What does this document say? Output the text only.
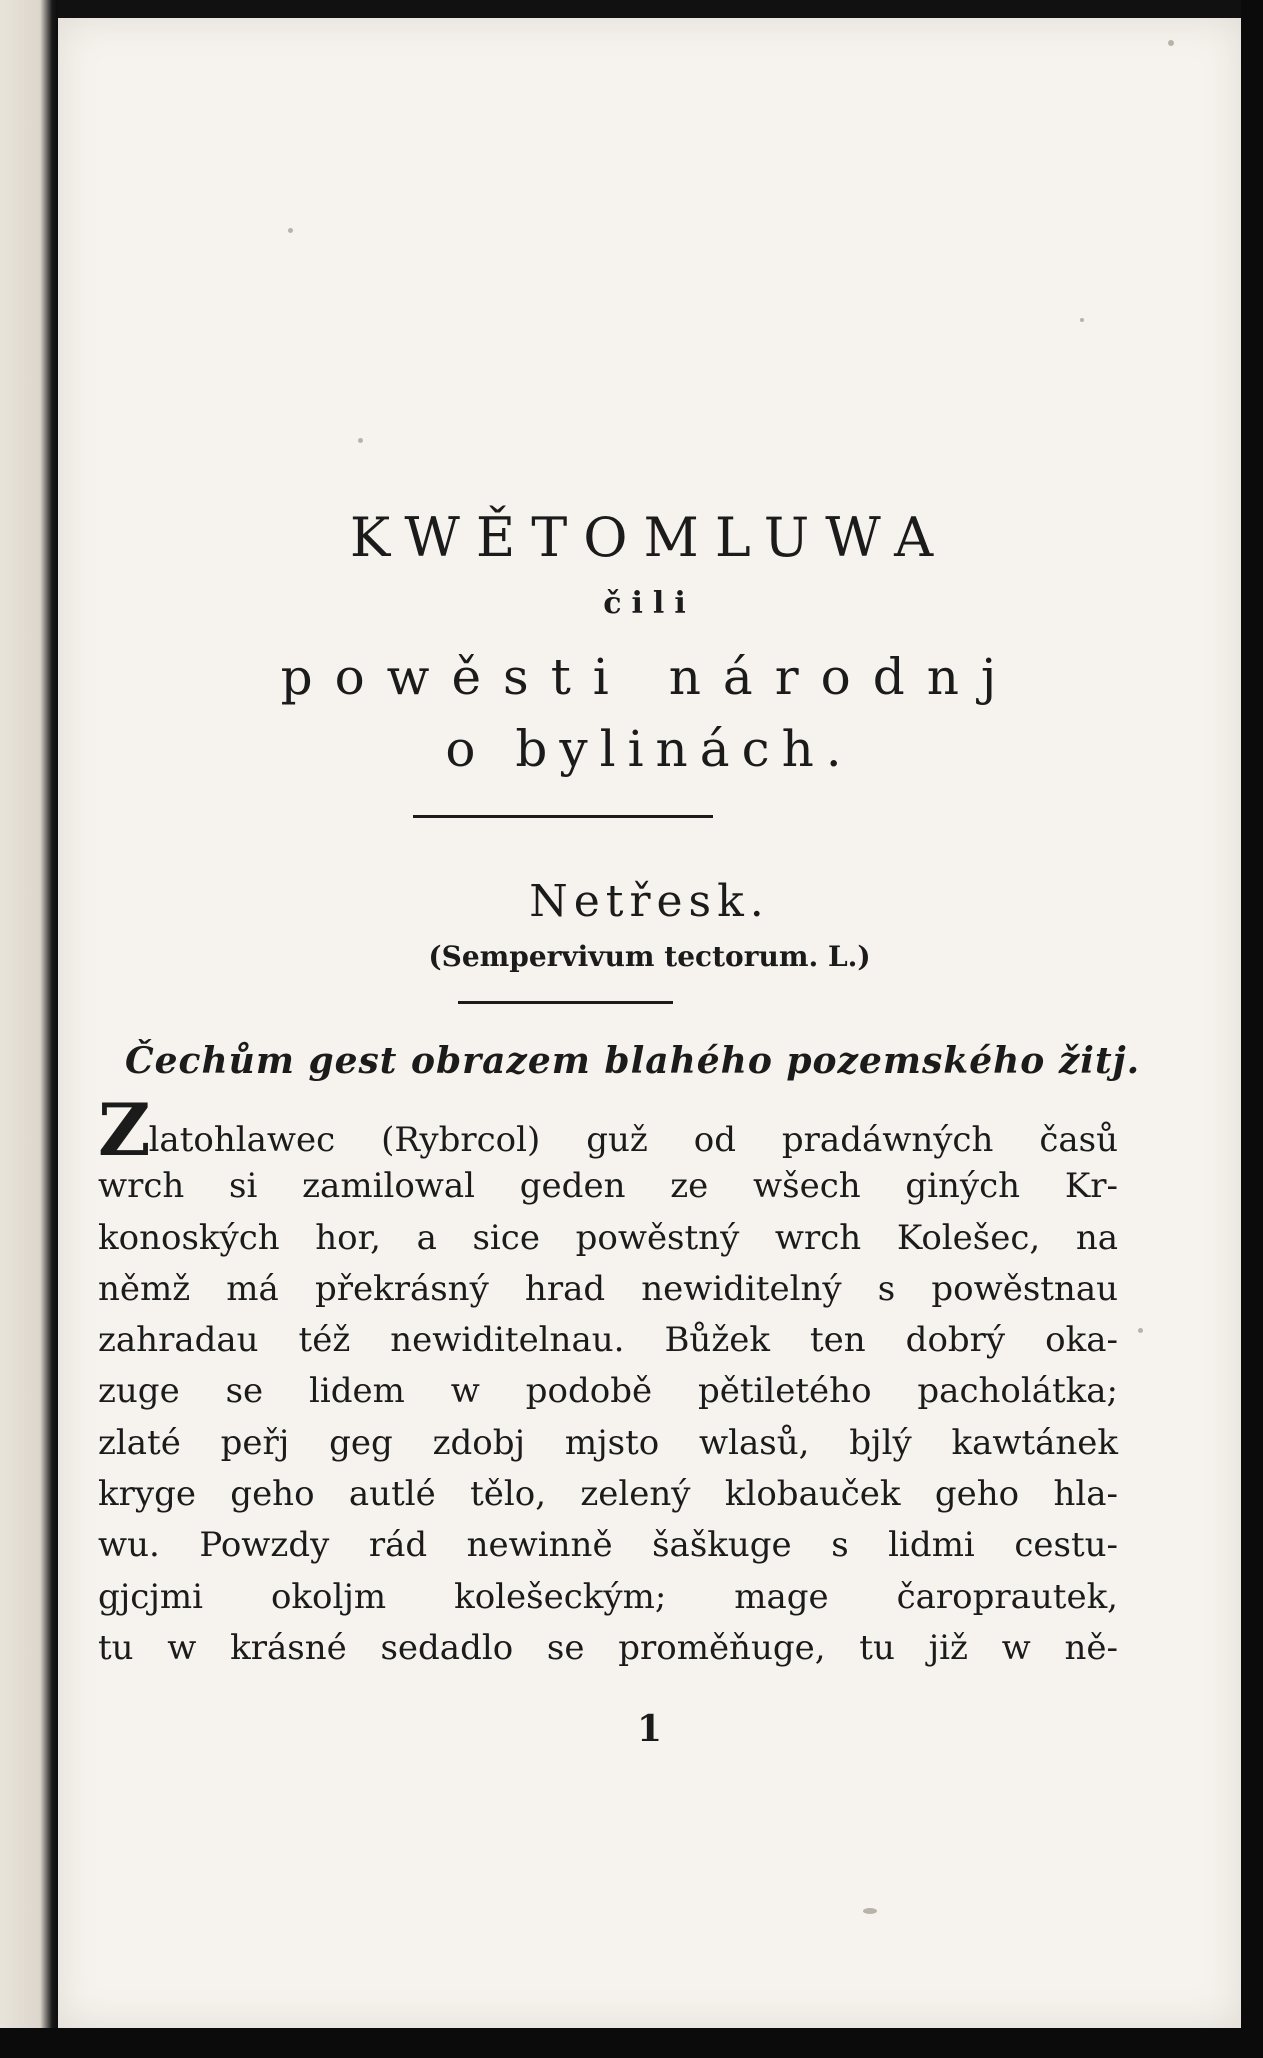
KWĚTOMLUWA
čili
powěsti národnj
o bylinách.
Netřesk.
(Sempervivum tectorum. L.)
Čechům gest obrazem blahého pozemského žitj.
Zlatohlawec (Rybrcol) guž od pradáwných časů
wrch si zamilowal geden ze wšech giných Kr-
konoských hor, a sice powěstný wrch Kolešec, na
němž má překrásný hrad newiditelný s powěstnau
zahradau též newiditelnau. Bůžek ten dobrý oka-
zuge se lidem w podobě pětiletého pacholátka;
zlaté peřj geg zdobj mjsto wlasů, bjlý kawtánek
kryge geho autlé tělo, zelený klobauček geho hla-
wu. Powzdy rád newinně šaškuge s lidmi cestu-
gjcjmi okoljm kolešeckým; mage čaroprautek,
tu w krásné sedadlo se proměňuge, tu již w ně-
1
